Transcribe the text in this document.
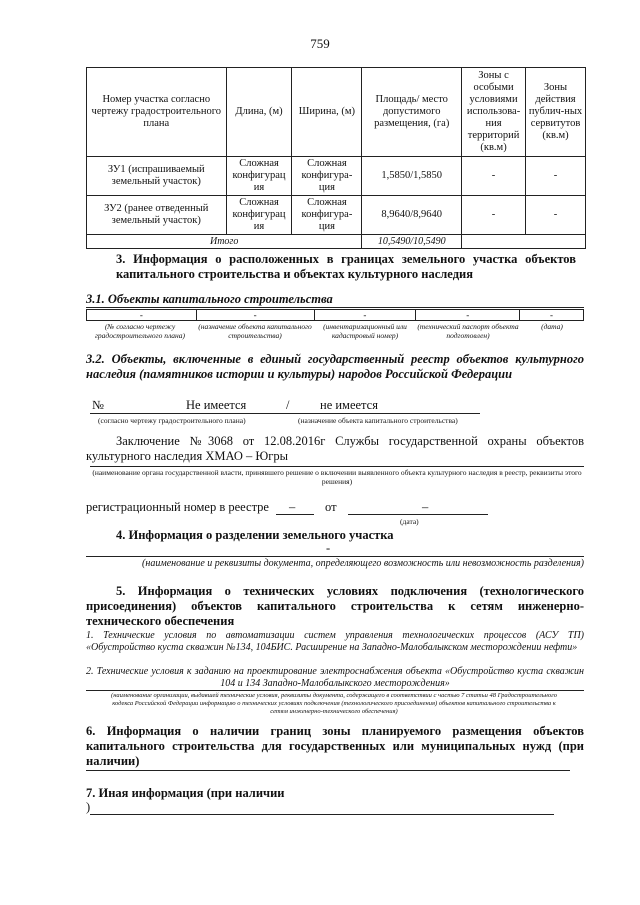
759
Номер участка согласно чертежу градостроительного плана	Длина, (м)	Ширина, (м)	Площадь/ место допустимого размещения, (га)	Зоны с особыми условиями использова-ния территорий (кв.м)	Зоны действия публич-ных сервитутов (кв.м)
ЗУ1 (испрашиваемый земельный участок)	Сложная конфигурац ия	Сложная конфигура-ция	1,5850/1,5850	-	-
ЗУ2 (ранее отведенный земельный участок)	Сложная конфигурац ия	Сложная конфигура-ция	8,9640/8,9640	-	-
Итого			10,5490/10,5490		
3. Информация о расположенных в границах земельного участка объектов капитального строительства и объектах культурного наследия
3.1. Объекты капитального строительства
-	-	-	-	-
(№ согласно чертежу градостроительного плана)
(назначение объекта капитального строительства)
(инвентаризационный или кадастровый номер)
(технический паспорт объекта подготовлен)
(дата)
3.2. Объекты, включенные в единый государственный реестр объектов культурного наследия (памятников истории и культуры) народов Российской Федерации
№	Не имеется	/ не имеется
(согласно чертежу градостроительного плана)	(назначение объекта капитального строительства)
Заключение №3068 от 12.08.2016г Службы государственной охраны объектов культурного наследия ХМАО – Югры
(наименование органа государственной власти, принявшего решение о включении выявленного объекта культурного наследия в реестр, реквизиты этого решения)
регистрационный номер в реестре – от	–
(дата)
4. Информация о разделении земельного участка
-
(наименование и реквизиты документа, определяющего возможность или невозможность разделения)
5. Информация о технических условиях подключения (технологического присоединения) объектов капитального строительства к сетям инженерно-технического обеспечения
1. Технические условия по автоматизации систем управления технологических процессов (АСУ ТП) «Обустройство куста скважин №134, 104БИС. Расширение на Западно-Малобалыкском месторождении нефти»
2. Технические условия к заданию на проектирование электроснабжения объекта «Обустройство куста скважин 104 и 134 Западно-Малобалыкского месторождения»
(наименование организации, выдавшей технические условия, реквизиты документа, содержащего в соответствии с частью 7 статьи 48 Градостроительного кодекса Российской Федерации информацию о технических условиях подключения (технологического присоединения) объектов капитального строительства к сетям инженерно-технического обеспечения)
6. Информация о наличии границ зоны планируемого размещения объектов капитального строительства для государственных или муниципальных нужд (при наличии)
7. Иная информация (при наличии
)
